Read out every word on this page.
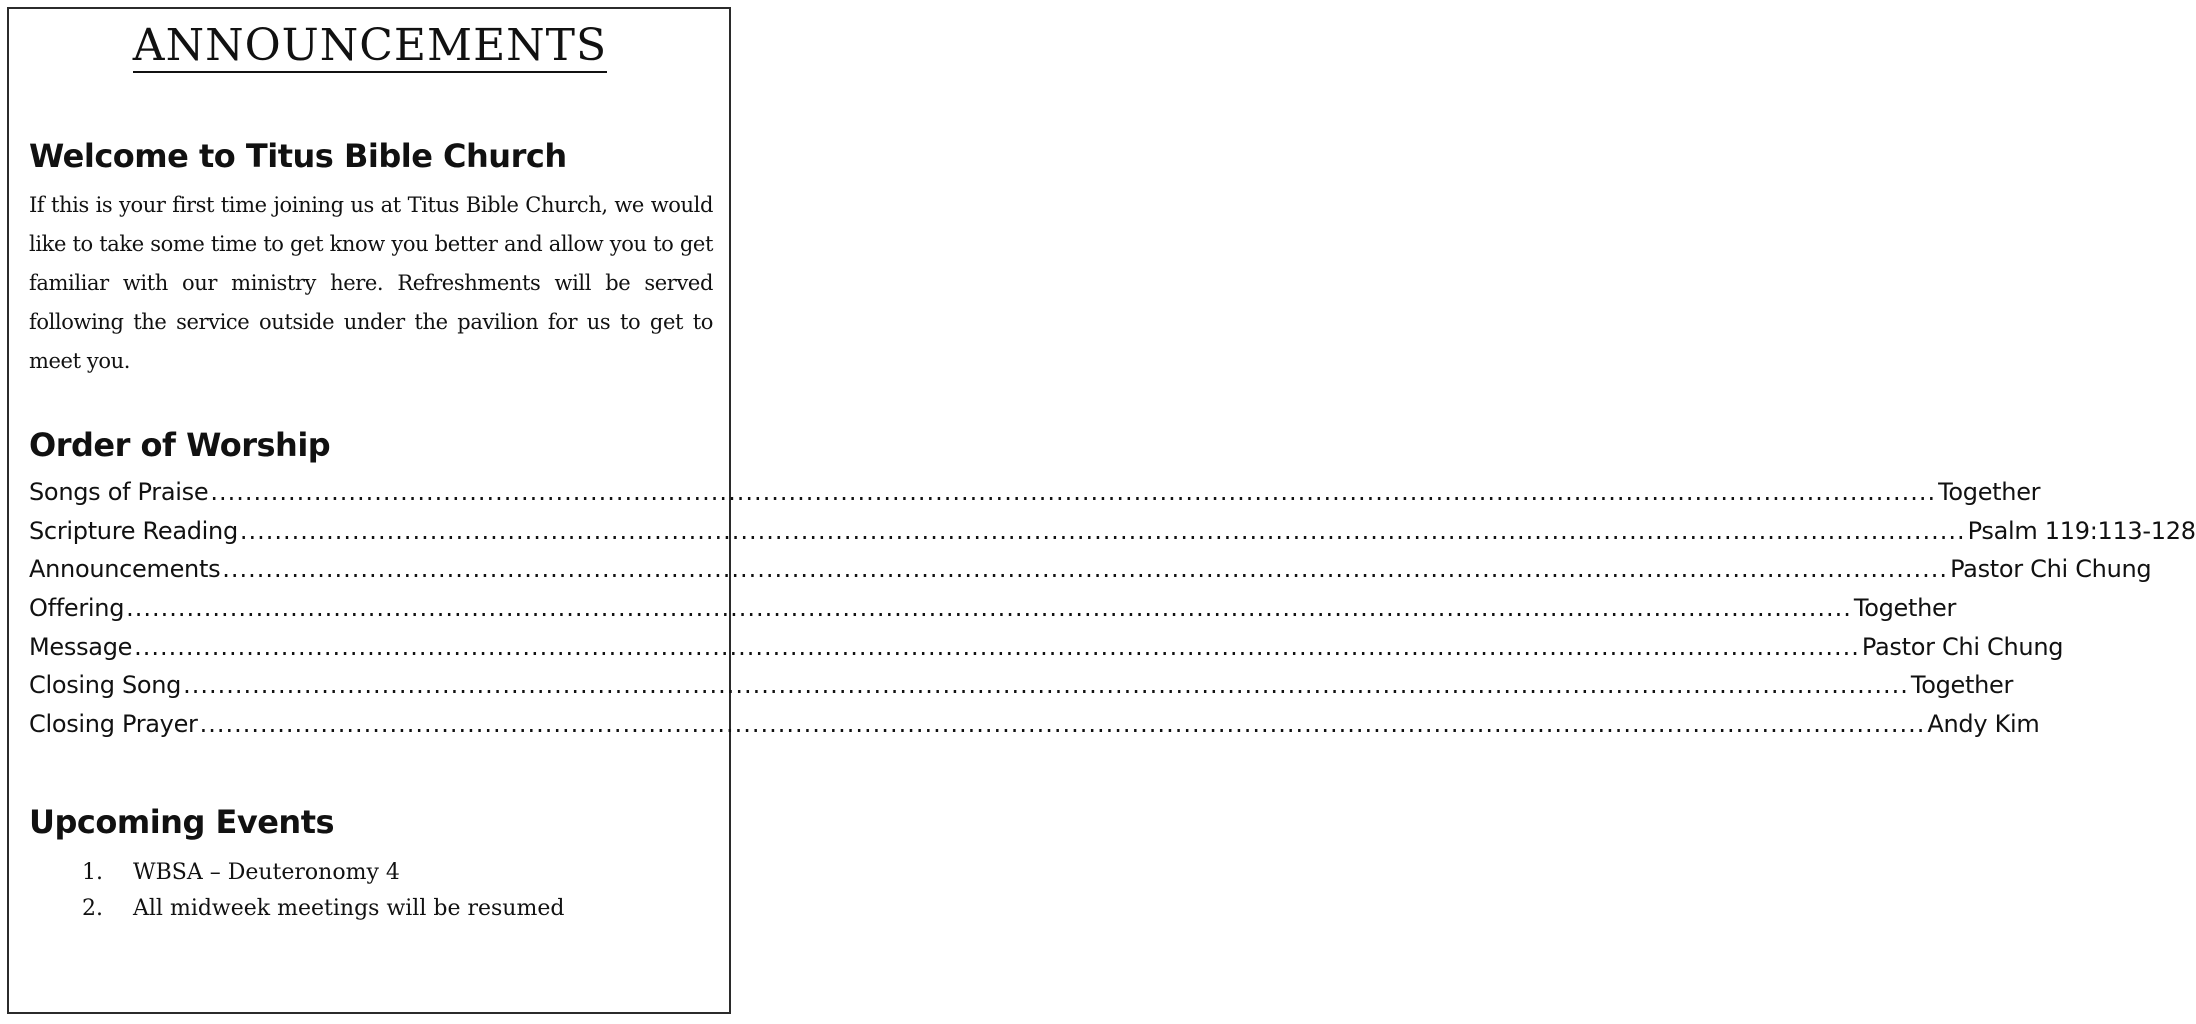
ANNOUNCEMENTS
Welcome to Titus Bible Church

If this is your first time joining us at Titus Bible Church, we would like to take some time to get know you better and allow you to get familiar with our ministry here. Refreshments will be served following the service outside under the pavilion for us to get to meet you.

Order of Worship
Songs of Praise ........................................................................................................................................................................................................ Together
Scripture Reading ........................................................................................................................................................................................................ Psalm 119:113-128
Announcements ........................................................................................................................................................................................................ Pastor Chi Chung
Offering ........................................................................................................................................................................................................ Together
Message ........................................................................................................................................................................................................ Pastor Chi Chung
Closing Song ........................................................................................................................................................................................................ Together
Closing Prayer ........................................................................................................................................................................................................ Andy Kim
Upcoming Events
1.	WBSA – Deuteronomy 4
2.	All midweek meetings will be resumed
